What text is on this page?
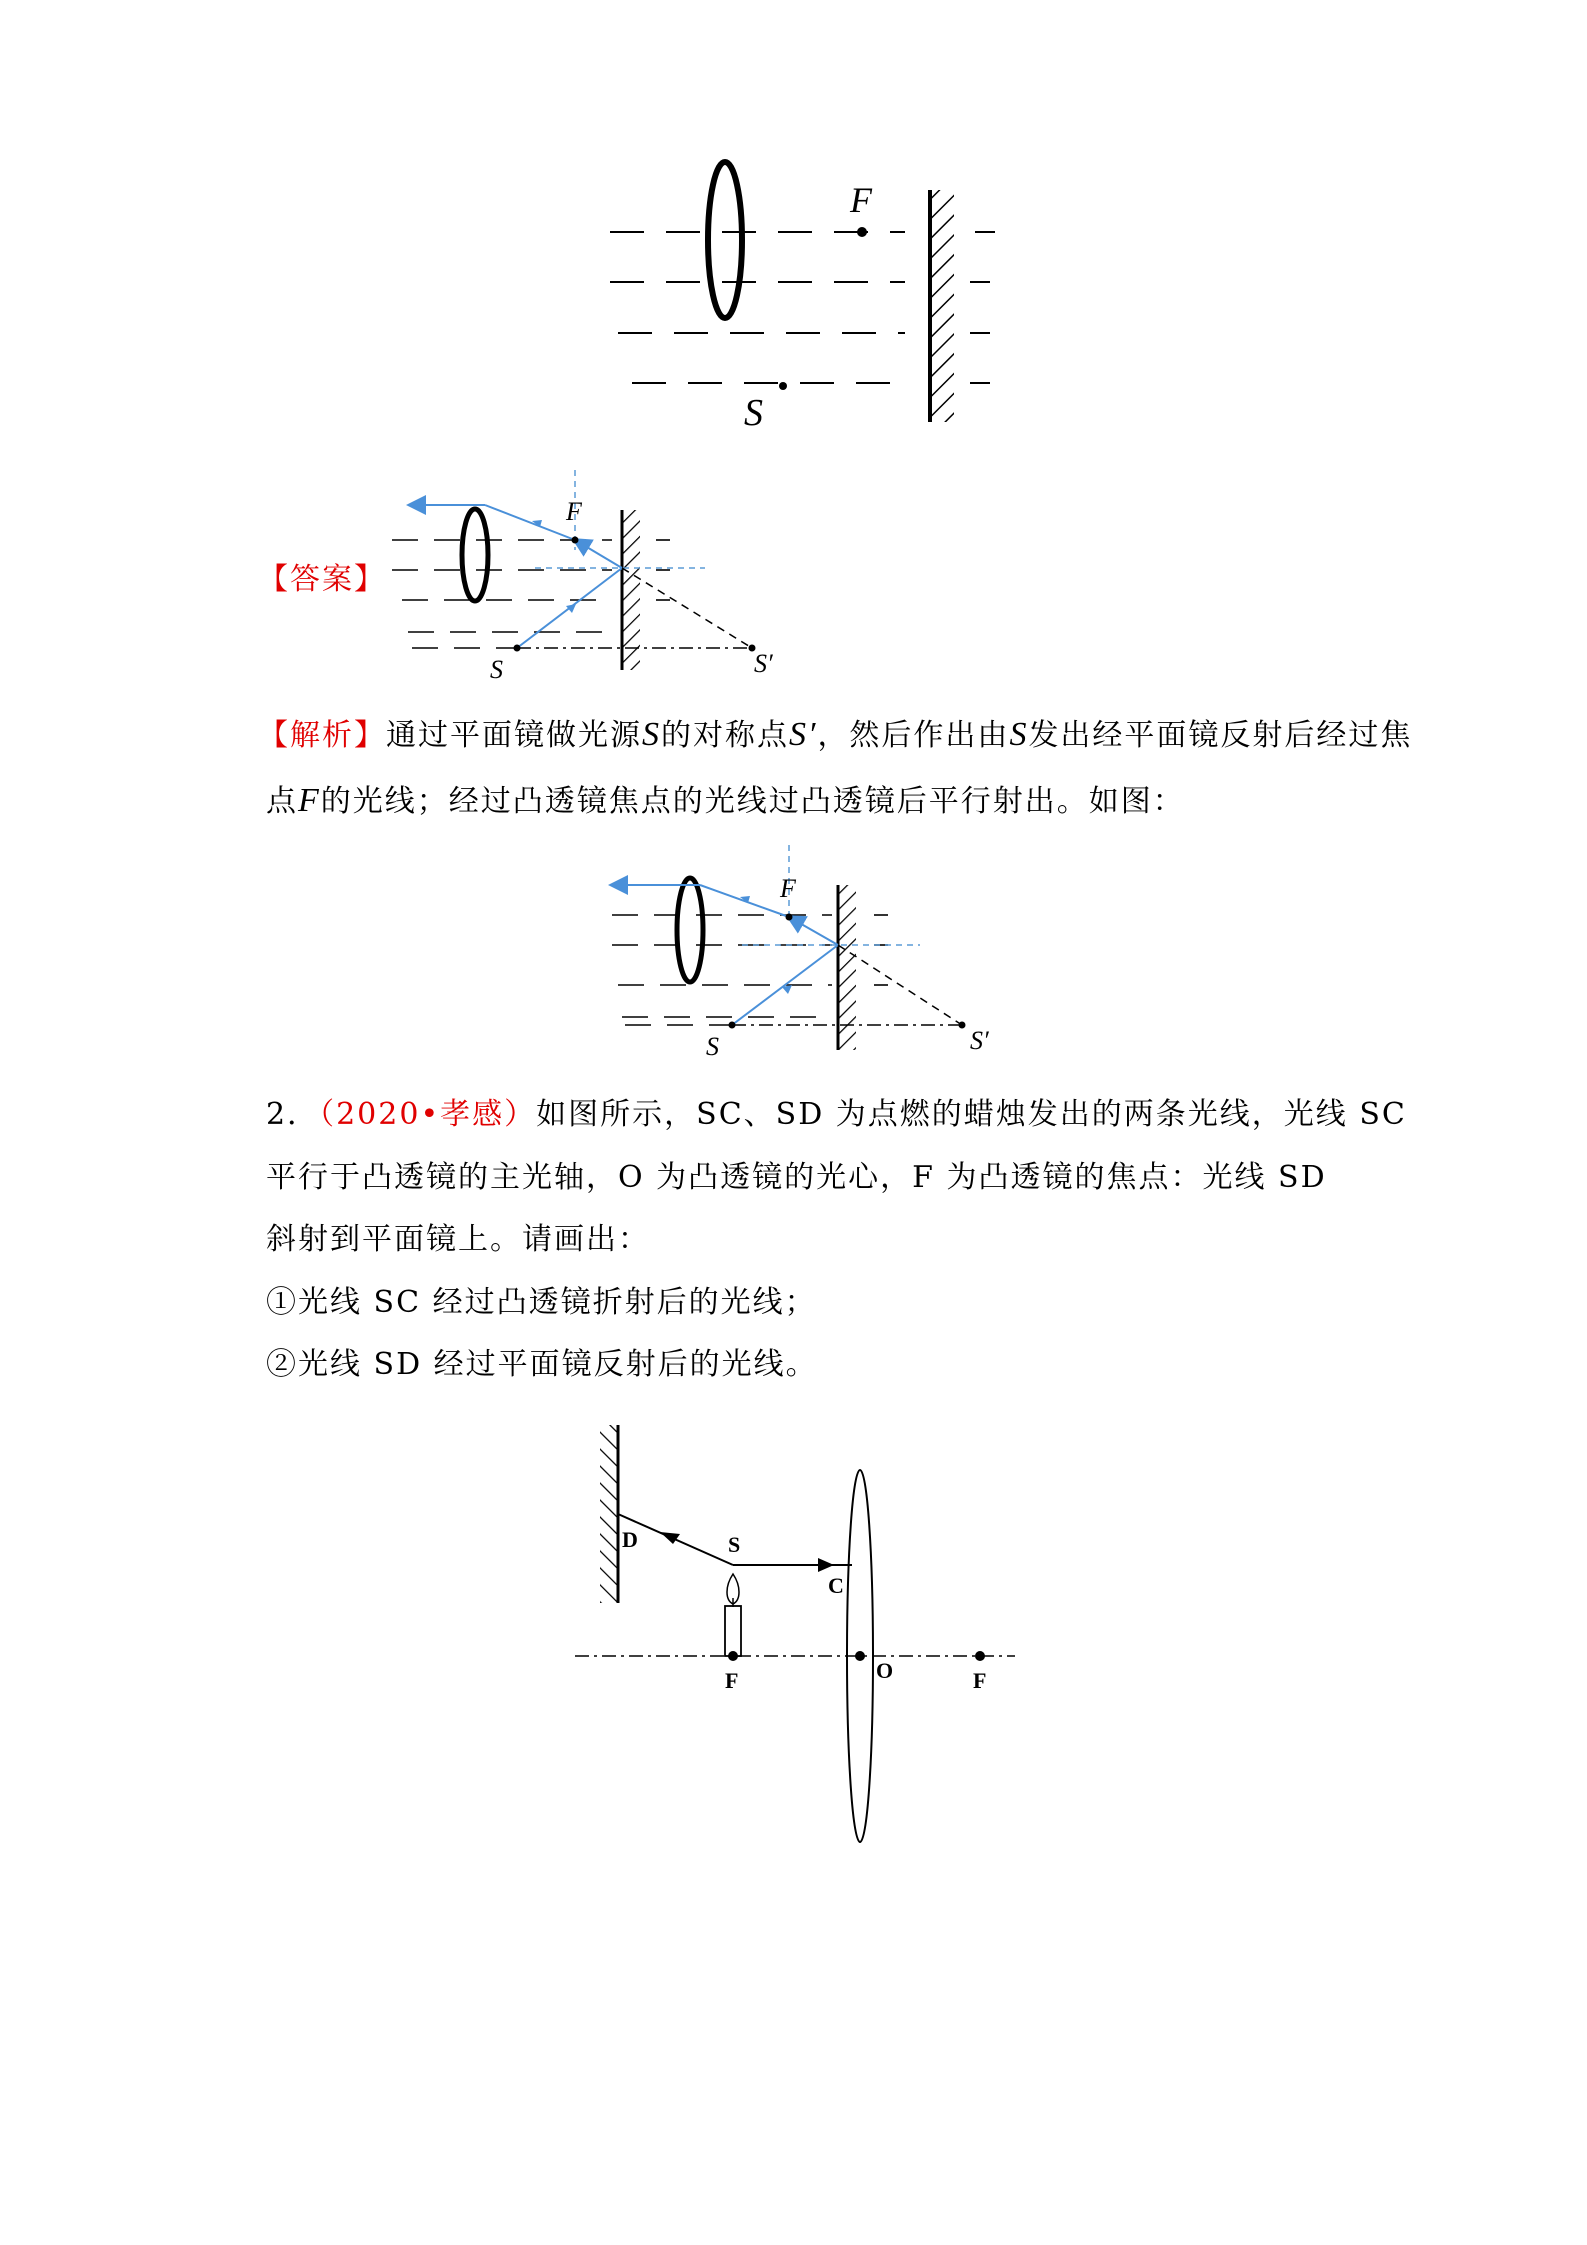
F
S
【答案】
F
S	S′
【解析】通过平面镜做光源S的对称点S′，然后作出由S发出经平面镜反射后经过焦
点F的光线；经过凸透镜焦点的光线过凸透镜后平行射出。如图：
F
S	S′
2．（2020•孝感）如图所示，SC、SD 为点燃的蜡烛发出的两条光线，光线 SC
平行于凸透镜的主光轴，O 为凸透镜的光心，F 为凸透镜的焦点：光线 SD
斜射到平面镜上。请画出：
①光线 SC 经过凸透镜折射后的光线；
②光线 SD 经过平面镜反射后的光线。
D	S
C
F	O	F
